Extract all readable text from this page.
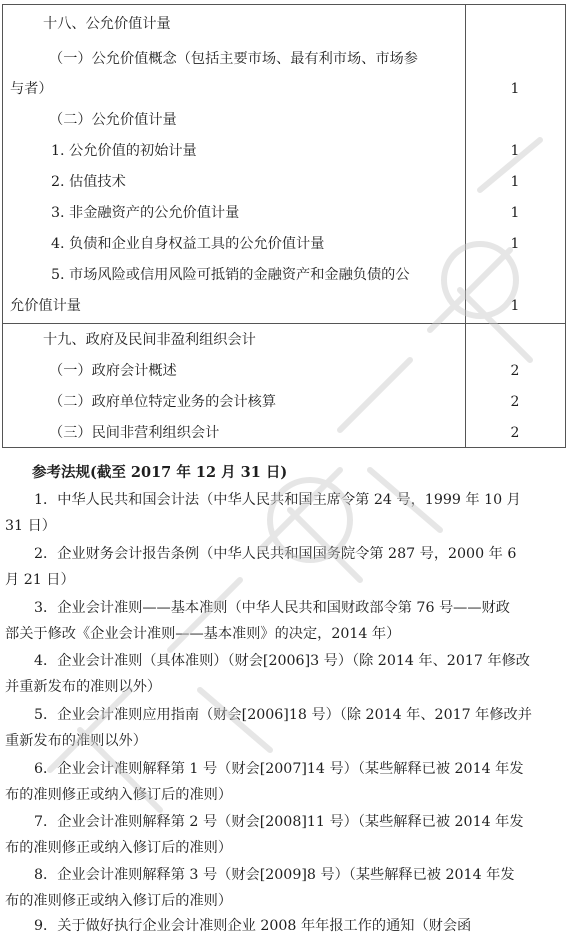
十八、公允价值计量
（一）公允价值概念（包括主要市场、最有利市场、市场参
与者）	1
（二）公允价值计量
1. 公允价值的初始计量	1
2. 估值技术	1
3. 非金融资产的公允价值计量	1
4. 负债和企业自身权益工具的公允价值计量	1
5. 市场风险或信用风险可抵销的金融资产和金融负债的公
允价值计量	1
十九、政府及民间非盈利组织会计
（一）政府会计概述	2
（二）政府单位特定业务的会计核算	2
（三）民间非营利组织会计	2
参考法规(截至 2017 年 12 月 31 日)
1．中华人民共和国会计法（中华人民共和国主席令第 24 号，1999 年 10 月
31 日）
2．企业财务会计报告条例（中华人民共和国国务院令第 287 号，2000 年 6
月 21 日）
3．企业会计准则——基本准则（中华人民共和国财政部令第 76 号——财政
部关于修改《企业会计准则——基本准则》的决定，2014 年）
4．企业会计准则（具体准则）（财会[2006]3 号）（除 2014 年、2017 年修改
并重新发布的准则以外）
5．企业会计准则应用指南（财会[2006]18 号）（除 2014 年、2017 年修改并
重新发布的准则以外）
6．企业会计准则解释第 1 号（财会[2007]14 号）（某些解释已被 2014 年发
布的准则修正或纳入修订后的准则）
7．企业会计准则解释第 2 号（财会[2008]11 号）（某些解释已被 2014 年发
布的准则修正或纳入修订后的准则）
8．企业会计准则解释第 3 号（财会[2009]8 号）（某些解释已被 2014 年发
布的准则修正或纳入修订后的准则）
9．关于做好执行企业会计准则企业 2008 年年报工作的通知（财会函
